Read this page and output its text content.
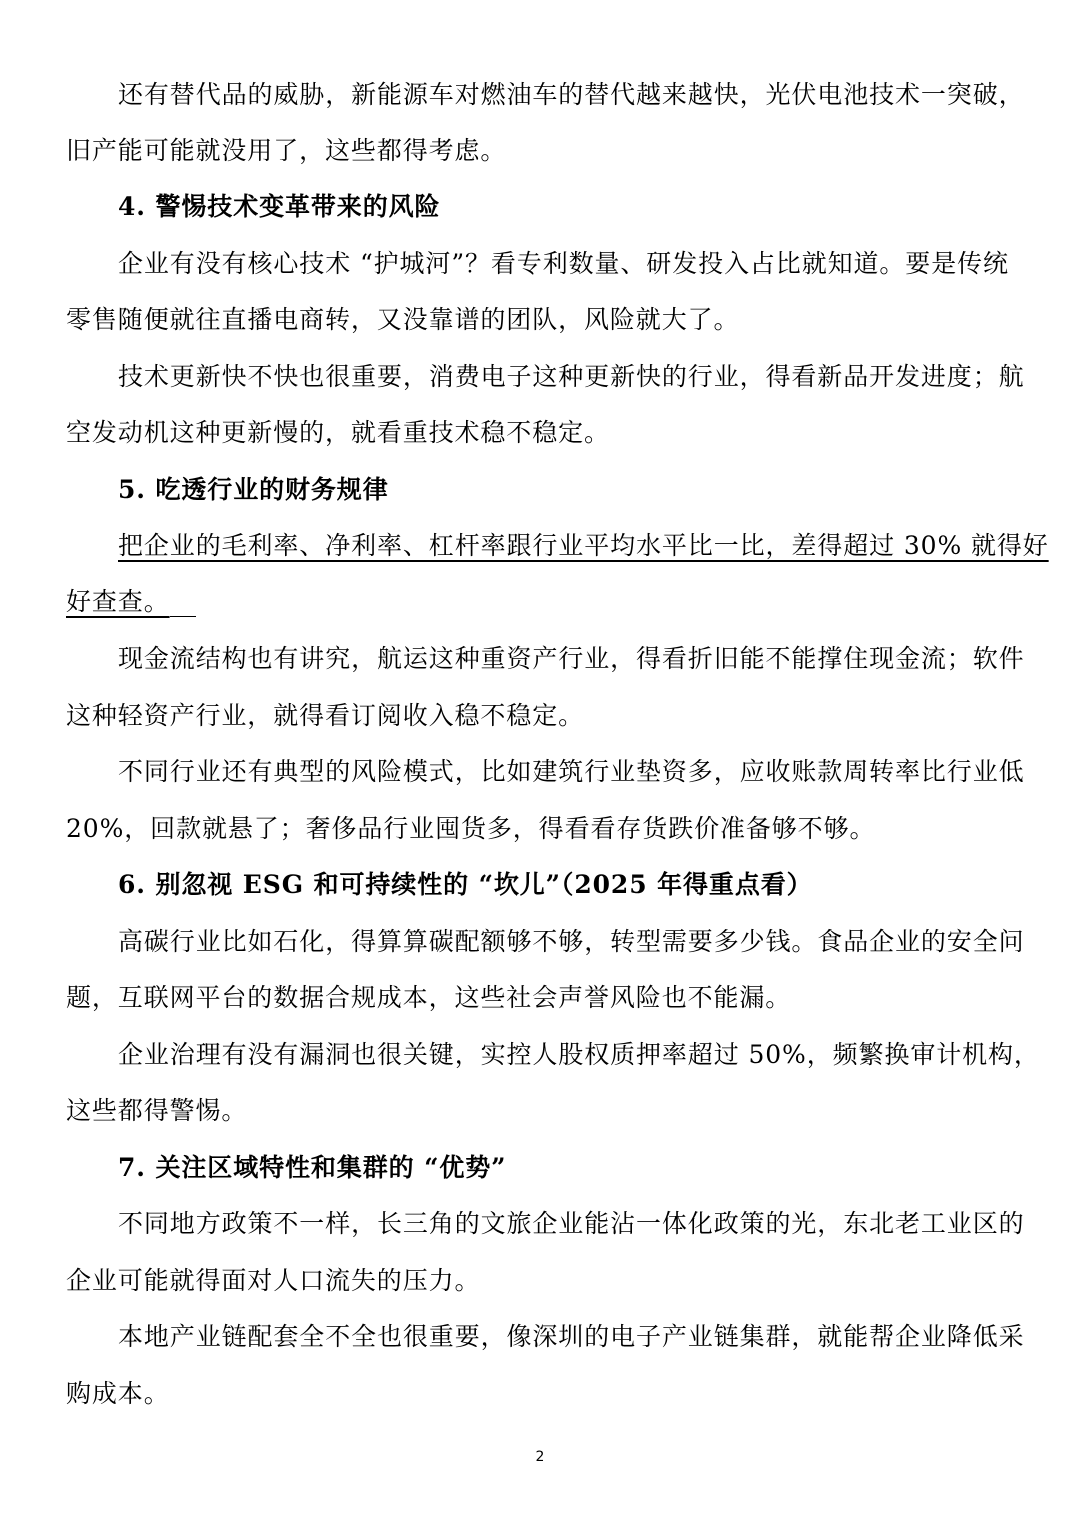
还有替代品的威胁，新能源车对燃油车的替代越来越快，光伏电池技术一突破，
旧产能可能就没用了，这些都得考虑。
4. 警惕技术变革带来的风险
企业有没有核心技术 “护城河”？看专利数量、研发投入占比就知道。要是传统
零售随便就往直播电商转，又没靠谱的团队，风险就大了。
技术更新快不快也很重要，消费电子这种更新快的行业，得看新品开发进度；航
空发动机这种更新慢的，就看重技术稳不稳定。
5. 吃透行业的财务规律
把企业的毛利率、净利率、杠杆率跟行业平均水平比一比，差得超过 30% 就得好
好查查。
现金流结构也有讲究，航运这种重资产行业，得看折旧能不能撑住现金流；软件
这种轻资产行业，就得看订阅收入稳不稳定。
不同行业还有典型的风险模式，比如建筑行业垫资多，应收账款周转率比行业低
20%，回款就悬了；奢侈品行业囤货多，得看看存货跌价准备够不够。
6. 别忽视 ESG 和可持续性的 “坎儿”（2025 年得重点看）
高碳行业比如石化，得算算碳配额够不够，转型需要多少钱。食品企业的安全问
题，互联网平台的数据合规成本，这些社会声誉风险也不能漏。
企业治理有没有漏洞也很关键，实控人股权质押率超过 50%，频繁换审计机构，
这些都得警惕。
7. 关注区域特性和集群的 “优势”
不同地方政策不一样，长三角的文旅企业能沾一体化政策的光，东北老工业区的
企业可能就得面对人口流失的压力。
本地产业链配套全不全也很重要，像深圳的电子产业链集群，就能帮企业降低采
购成本。
2
